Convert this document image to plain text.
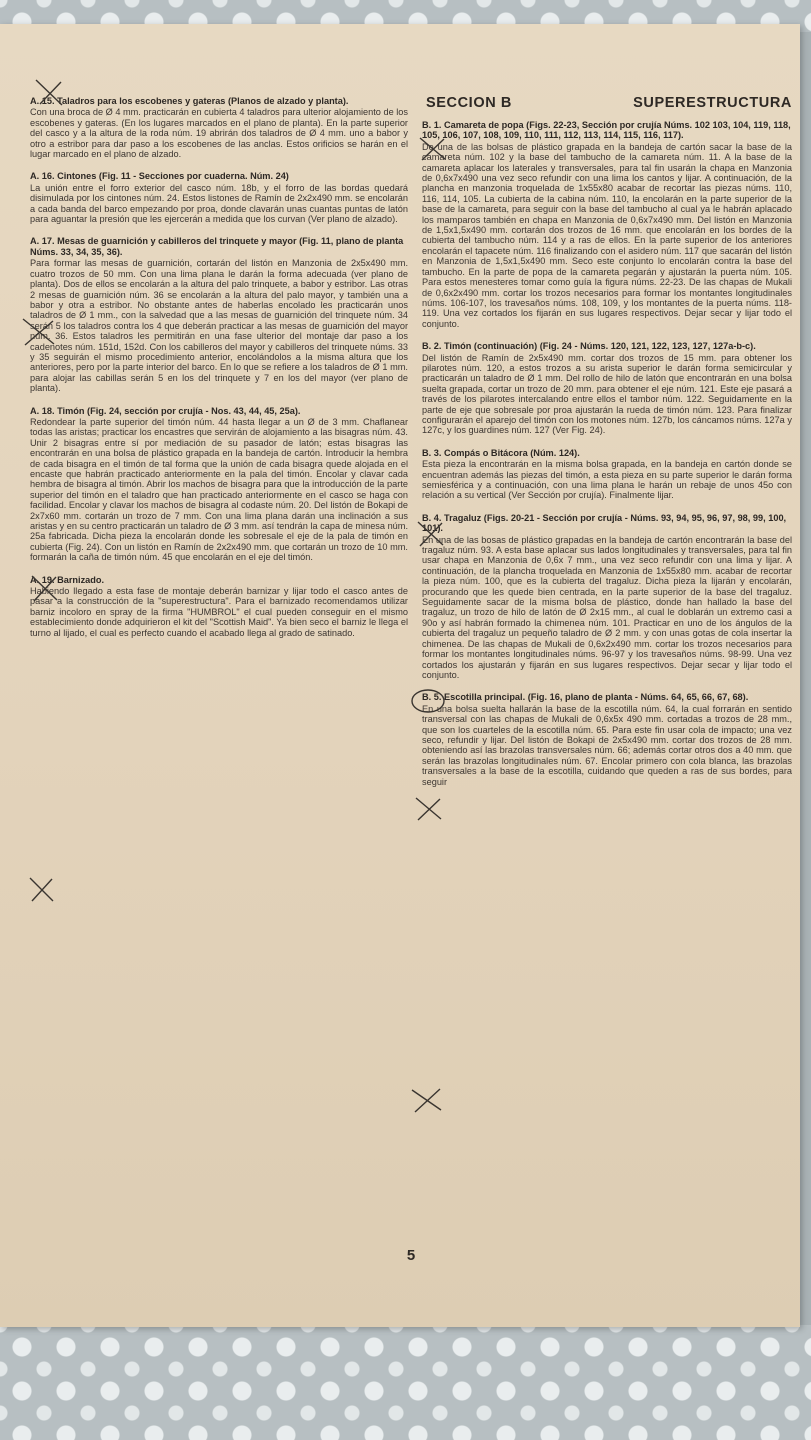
SECCION B	SUPERESTRUCTURA
A. 15. Taladros para los escobenes y gateras (Planos de alzado y planta).

Con una broca de Ø 4 mm. practicarán en cubierta 4 taladros para ulterior alojamiento de los escobenes y gateras. (En los lugares marcados en el plano de planta). En la parte superior del casco y a la altura de la roda núm. 19 abrirán dos taladros de Ø 4 mm. uno a babor y otro a estribor para dar paso a los escobenes de las anclas. Estos orificios se harán en el lugar marcado en el plano de alzado.

A. 16. Cintones (Fig. 11 - Secciones por cuaderna. Núm. 24)

La unión entre el forro exterior del casco núm. 18b, y el forro de las bordas quedará disimulada por los cintones núm. 24. Estos listones de Ramín de 2x2x490 mm. se encolarán a cada banda del barco empezando por proa, donde clavarán unas cuantas puntas de latón para aguantar la presión que les ejercerán a medida que los curvan (Ver plano de alzado).

A. 17. Mesas de guarnición y cabilleros del trinquete y mayor (Fig. 11, plano de planta Núms. 33, 34, 35, 36).

Para formar las mesas de guarnición, cortarán del listón en Manzonia de 2x5x490 mm. cuatro trozos de 50 mm. Con una lima plana le darán la forma adecuada (ver plano de planta). Dos de ellos se encolarán a la altura del palo trinquete, a babor y estribor. Las otras 2 mesas de guarnición núm. 36 se encolarán a la altura del palo mayor, y también una a babor y otra a estribor. No obstante antes de haberlas encolado les practicarán unos taladros de Ø 1 mm., con la salvedad que a las mesas de guarnición del trinquete núm. 34 serán 5 los taladros contra los 4 que deberán practicar a las mesas de guarnición del mayor núm. 36. Estos taladros les permitirán en una fase ulterior del montaje dar paso a los cadenotes núm. 151d, 152d. Con los cabilleros del mayor y cabilleros del trinquete núms. 33 y 35 seguirán el mismo procedimiento anterior, encolándolos a la misma altura que los anteriores, pero por la parte interior del barco. En lo que se refiere a los taladros de Ø 1 mm. para alojar las cabillas serán 5 en los del trinquete y 7 en los del mayor (ver plano de planta).

A. 18. Timón (Fig. 24, sección por crujía - Nos. 43, 44, 45, 25a).

Redondear la parte superior del timón núm. 44 hasta llegar a un Ø de 3 mm. Chaflanear todas las aristas; practicar los encastres que servirán de alojamiento a las bisagras núm. 43. Unir 2 bisagras entre sí por mediación de su pasador de latón; estas bisagras las encontrarán en una bolsa de plástico grapada en la bandeja de cartón. Introducir la hembra de cada bisagra en el timón de tal forma que la unión de cada bisagra quede alojada en el encaste que habrán practicado anteriormente en la pala del timón. Encolar y clavar cada hembra de bisagra al timón. Abrir los machos de bisagra para que la introducción de la parte superior del timón en el taladro que han practicado anteriormente en el casco se haga con facilidad. Encolar y clavar los machos de bisagra al codaste núm. 20. Del listón de Bokapi de 2x7x60 mm. cortarán un trozo de 7 mm. Con una lima plana darán una inclinación a sus aristas y en su centro practicarán un taladro de Ø 3 mm. así tendrán la capa de minesa núm. 25a fabricada. Dicha pieza la encolarán donde les sobresale el eje de la pala de timón en cubierta (Fig. 24). Con un listón en Ramín de 2x2x490 mm. que cortarán un trozo de 10 mm. formarán la caña de timón núm. 45 que encolarán en el eje del timón.

A. 19. Barnizado.

Habiendo llegado a esta fase de montaje deberán barnizar y lijar todo el casco antes de pasar a la construcción de la "superestructura". Para el barnizado recomendamos utilizar barniz incoloro en spray de la firma "HUMBROL" el cual pueden conseguir en el mismo establecimiento donde adquirieron el kit del "Scottish Maid". Ya bien seco el barniz le llega el turno al lijado, el cual es perfecto cuando el acabado llega al grado de satinado.

B. 1. Camareta de popa (Figs. 22-23, Sección por crujía Núms. 102 103, 104, 119, 118, 105, 106, 107, 108, 109, 110, 111, 112, 113, 114, 115, 116, 117).

De una de las bolsas de plástico grapada en la bandeja de cartón sacar la base de la camareta núm. 102 y la base del tambucho de la camareta núm. 11. A la base de la camareta aplacar los laterales y transversales, para tal fin usarán la chapa en Manzonia de 0,6x7x490 una vez seco refundir con una lima los cantos y lijar. A continuación, de la plancha en manzonia troquelada de 1x55x80 acabar de recortar las piezas núms. 110, 116, 114, 105. La cubierta de la cabina núm. 110, la encolarán en la parte superior de la base de la camareta, para seguir con la base del tambucho al cual ya le habrán aplacado los mamparos también en chapa en Manzonia de 0,6x7x490 mm. Del listón en Manzonia de 1,5x1,5x490 mm. cortarán dos trozos de 16 mm. que encolarán en los bordes de la cubierta del tambucho núm. 114 y a ras de ellos. En la parte superior de los anteriores encolarán el tapacete núm. 116 finalizando con el asidero núm. 117 que sacarán del listón en Manzonia de 1,5x1,5x490 mm. Seco este conjunto lo encolarán contra la base del tambucho. En la parte de popa de la camareta pegarán y ajustarán la puerta núm. 105. Para estos menesteres tomar como guía la figura núms. 22-23. De las chapas de Mukali de 0,6x2x490 mm. cortar los trozos necesarios para formar los montantes longitudinales núms. 106-107, los travesaños núms. 108, 109, y los montantes de la puerta núms. 118-119. Una vez cortados los fijarán en sus lugares respectivos. Dejar secar y lijar todo el conjunto.

B. 2. Timón (continuación) (Fig. 24 - Núms. 120, 121, 122, 123, 127, 127a-b-c).

Del listón de Ramín de 2x5x490 mm. cortar dos trozos de 15 mm. para obtener los pilarotes núm. 120, a estos trozos a su arista superior le darán forma semicircular y practicarán un taladro de Ø 1 mm. Del rollo de hilo de latón que encontrarán en una bolsa suelta grapada, cortar un trozo de 20 mm. para obtener el eje núm. 121. Este eje pasará a través de los pilarotes intercalando entre ellos el tambor núm. 122. Seguidamente en la parte de eje que sobresale por proa ajustarán la rueda de timón núm. 123. Para finalizar configurarán el aparejo del timón con los motones núm. 127b, los cáncamos núms. 127a y 127c, y los guardines núm. 127 (Ver Fig. 24).

B. 3. Compás o Bitácora (Núm. 124).

Esta pieza la encontrarán en la misma bolsa grapada, en la bandeja en cartón donde se encuentran además las piezas del timón, a esta pieza en su parte superior le darán forma semiesférica y a continuación, con una lima plana le harán un rebaje de unos 45o con relación a su vertical (Ver Sección por crujía). Finalmente lijar.

B. 4. Tragaluz (Figs. 20-21 - Sección por crujía - Núms. 93, 94, 95, 96, 97, 98, 99, 100, 101).

En una de las bosas de plástico grapadas en la bandeja de cartón encontrarán la base del tragaluz núm. 93. A esta base aplacar sus lados longitudinales y transversales, para tal fin usar chapa en Manzonia de 0,6x 7 mm., una vez seco refundir con una lima y lijar. A continuación, de la plancha troquelada en Manzonia de 1x55x80 mm. acabar de recortar la pieza núm. 100, que es la cubierta del tragaluz. Dicha pieza la lijarán y encolarán, procurando que les quede bien centrada, en la parte superior de la base del tragaluz. Seguidamente sacar de la misma bolsa de plástico, donde han hallado la base del tragaluz, un trozo de hilo de latón de Ø 2x15 mm., al cual le doblarán un extremo casi a 90o y así habrán formado la chimenea núm. 101. Practicar en uno de los ángulos de la cubierta del tragaluz un pequeño taladro de Ø 2 mm. y con unas gotas de cola insertar la chimenea. De las chapas de Mukali de 0,6x2x490 mm. cortar los trozos necesarios para formar los montantes longitudinales núms. 96-97 y los travesaños núms. 98-99. Una vez cortados los ajustarán y fijarán en sus lugares respectivos. Dejar secar y lijar todo el conjunto.

B. 5. Escotilla principal. (Fig. 16, plano de planta - Núms. 64, 65, 66, 67, 68).

En una bolsa suelta hallarán la base de la escotilla núm. 64, la cual forrarán en sentido transversal con las chapas de Mukali de 0,6x5x 490 mm. cortadas a trozos de 28 mm., que son los cuarteles de la escotilla núm. 65. Para este fin usar cola de impacto; una vez seco, refundir y lijar. Del listón de Bokapi de 2x5x490 mm. cortar dos trozos de 28 mm. obteniendo así las brazolas transversales núm. 66; además cortar otros dos a 40 mm. que serán las brazolas longitudinales núm. 67. Encolar primero con cola blanca, las brazolas transversales a la base de la escotilla, cuidando que queden a ras de sus bordes, para seguir

5
